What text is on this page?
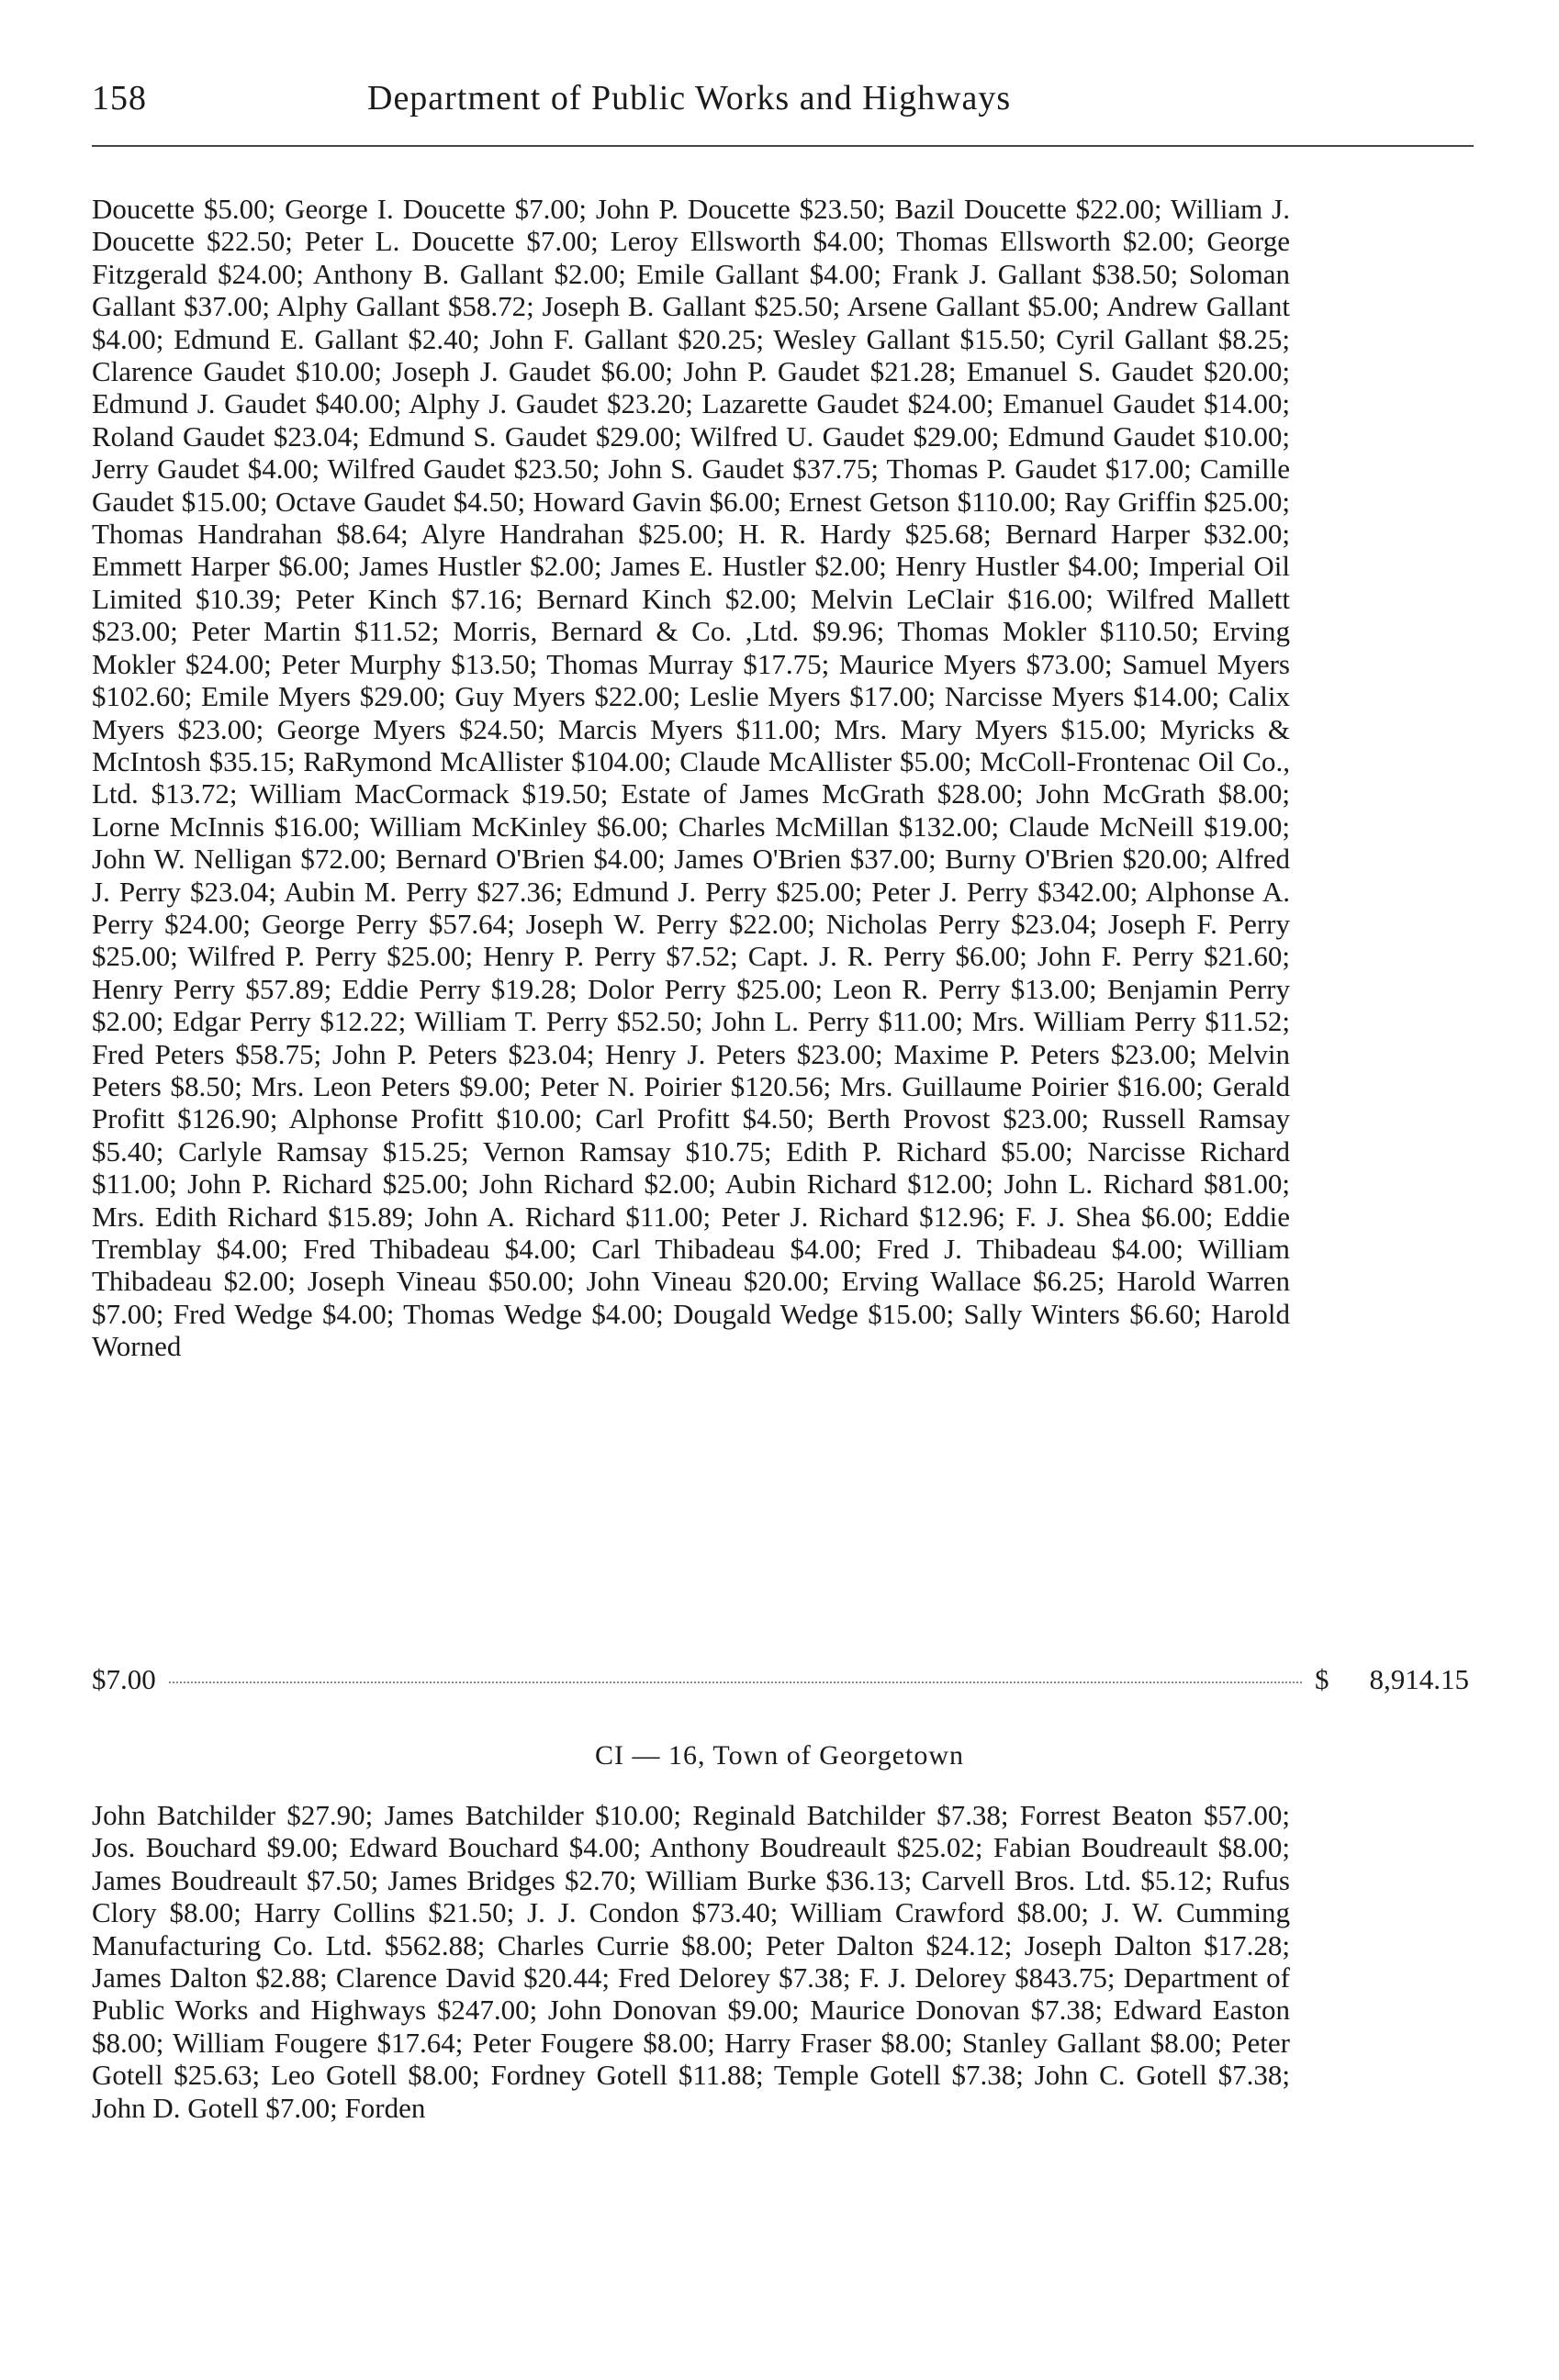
158	Department of Public Works and Highways
Doucette $5.00; George I. Doucette $7.00; John P. Doucette $23.50; Bazil Doucette $22.00; William J. Doucette $22.50; Peter L. Doucette $7.00; Leroy Ellsworth $4.00; Thomas Ellsworth $2.00; George Fitzgerald $24.00; Anthony B. Gallant $2.00; Emile Gallant $4.00; Frank J. Gallant $38.50; Soloman Gallant $37.00; Alphy Gallant $58.72; Joseph B. Gallant $25.50; Arsene Gallant $5.00; Andrew Gallant $4.00; Edmund E. Gallant $2.40; John F. Gallant $20.25; Wesley Gallant $15.50; Cyril Gallant $8.25; Clarence Gaudet $10.00; Joseph J. Gaudet $6.00; John P. Gaudet $21.28; Emanuel S. Gaudet $20.00; Edmund J. Gaudet $40.00; Alphy J. Gaudet $23.20; Lazarette Gaudet $24.00; Emanuel Gaudet $14.00; Roland Gaudet $23.04; Edmund S. Gaudet $29.00; Wilfred U. Gaudet $29.00; Edmund Gaudet $10.00; Jerry Gaudet $4.00; Wilfred Gaudet $23.50; John S. Gaudet $37.75; Thomas P. Gaudet $17.00; Camille Gaudet $15.00; Octave Gaudet $4.50; Howard Gavin $6.00; Ernest Getson $110.00; Ray Griffin $25.00; Thomas Handrahan $8.64; Alyre Handrahan $25.00; H. R. Hardy $25.68; Bernard Harper $32.00; Emmett Harper $6.00; James Hustler $2.00; James E. Hustler $2.00; Henry Hustler $4.00; Imperial Oil Limited $10.39; Peter Kinch $7.16; Bernard Kinch $2.00; Melvin LeClair $16.00; Wilfred Mallett $23.00; Peter Martin $11.52; Morris, Bernard & Co. ,Ltd. $9.96; Thomas Mokler $110.50; Erving Mokler $24.00; Peter Murphy $13.50; Thomas Murray $17.75; Maurice Myers $73.00; Samuel Myers $102.60; Emile Myers $29.00; Guy Myers $22.00; Leslie Myers $17.00; Narcisse Myers $14.00; Calix Myers $23.00; George Myers $24.50; Marcis Myers $11.00; Mrs. Mary Myers $15.00; Myricks & McIntosh $35.15; RaRymond McAllister $104.00; Claude McAllister $5.00; McColl-Frontenac Oil Co., Ltd. $13.72; William MacCormack $19.50; Estate of James McGrath $28.00; John McGrath $8.00; Lorne McInnis $16.00; William McKinley $6.00; Charles McMillan $132.00; Claude McNeill $19.00; John W. Nelligan $72.00; Bernard O'Brien $4.00; James O'Brien $37.00; Burny O'Brien $20.00; Alfred J. Perry $23.04; Aubin M. Perry $27.36; Edmund J. Perry $25.00; Peter J. Perry $342.00; Alphonse A. Perry $24.00; George Perry $57.64; Joseph W. Perry $22.00; Nicholas Perry $23.04; Joseph F. Perry $25.00; Wilfred P. Perry $25.00; Henry P. Perry $7.52; Capt. J. R. Perry $6.00; John F. Perry $21.60; Henry Perry $57.89; Eddie Perry $19.28; Dolor Perry $25.00; Leon R. Perry $13.00; Benjamin Perry $2.00; Edgar Perry $12.22; William T. Perry $52.50; John L. Perry $11.00; Mrs. William Perry $11.52; Fred Peters $58.75; John P. Peters $23.04; Henry J. Peters $23.00; Maxime P. Peters $23.00; Melvin Peters $8.50; Mrs. Leon Peters $9.00; Peter N. Poirier $120.56; Mrs. Guillaume Poirier $16.00; Gerald Profitt $126.90; Alphonse Profitt $10.00; Carl Profitt $4.50; Berth Provost $23.00; Russell Ramsay $5.40; Carlyle Ramsay $15.25; Vernon Ramsay $10.75; Edith P. Richard $5.00; Narcisse Richard $11.00; John P. Richard $25.00; John Richard $2.00; Aubin Richard $12.00; John L. Richard $81.00; Mrs. Edith Richard $15.89; John A. Richard $11.00; Peter J. Richard $12.96; F. J. Shea $6.00; Eddie Tremblay $4.00; Fred Thibadeau $4.00; Carl Thibadeau $4.00; Fred J. Thibadeau $4.00; William Thibadeau $2.00; Joseph Vineau $50.00; John Vineau $20.00; Erving Wallace $6.25; Harold Warren $7.00; Fred Wedge $4.00; Thomas Wedge $4.00; Dougald Wedge $15.00; Sally Winters $6.60; Harold Worned
$7.00	$ 8,914.15
CI — 16, Town of Georgetown
John Batchilder $27.90; James Batchilder $10.00; Reginald Batchilder $7.38; Forrest Beaton $57.00; Jos. Bouchard $9.00; Edward Bouchard $4.00; Anthony Boudreault $25.02; Fabian Boudreault $8.00; James Boudreault $7.50; James Bridges $2.70; William Burke $36.13; Carvell Bros. Ltd. $5.12; Rufus Clory $8.00; Harry Collins $21.50; J. J. Condon $73.40; William Crawford $8.00; J. W. Cumming Manufacturing Co. Ltd. $562.88; Charles Currie $8.00; Peter Dalton $24.12; Joseph Dalton $17.28; James Dalton $2.88; Clarence David $20.44; Fred Delorey $7.38; F. J. Delorey $843.75; Department of Public Works and Highways $247.00; John Donovan $9.00; Maurice Donovan $7.38; Edward Easton $8.00; William Fougere $17.64; Peter Fougere $8.00; Harry Fraser $8.00; Stanley Gallant $8.00; Peter Gotell $25.63; Leo Gotell $8.00; Fordney Gotell $11.88; Temple Gotell $7.38; John C. Gotell $7.38; John D. Gotell $7.00; Forden
